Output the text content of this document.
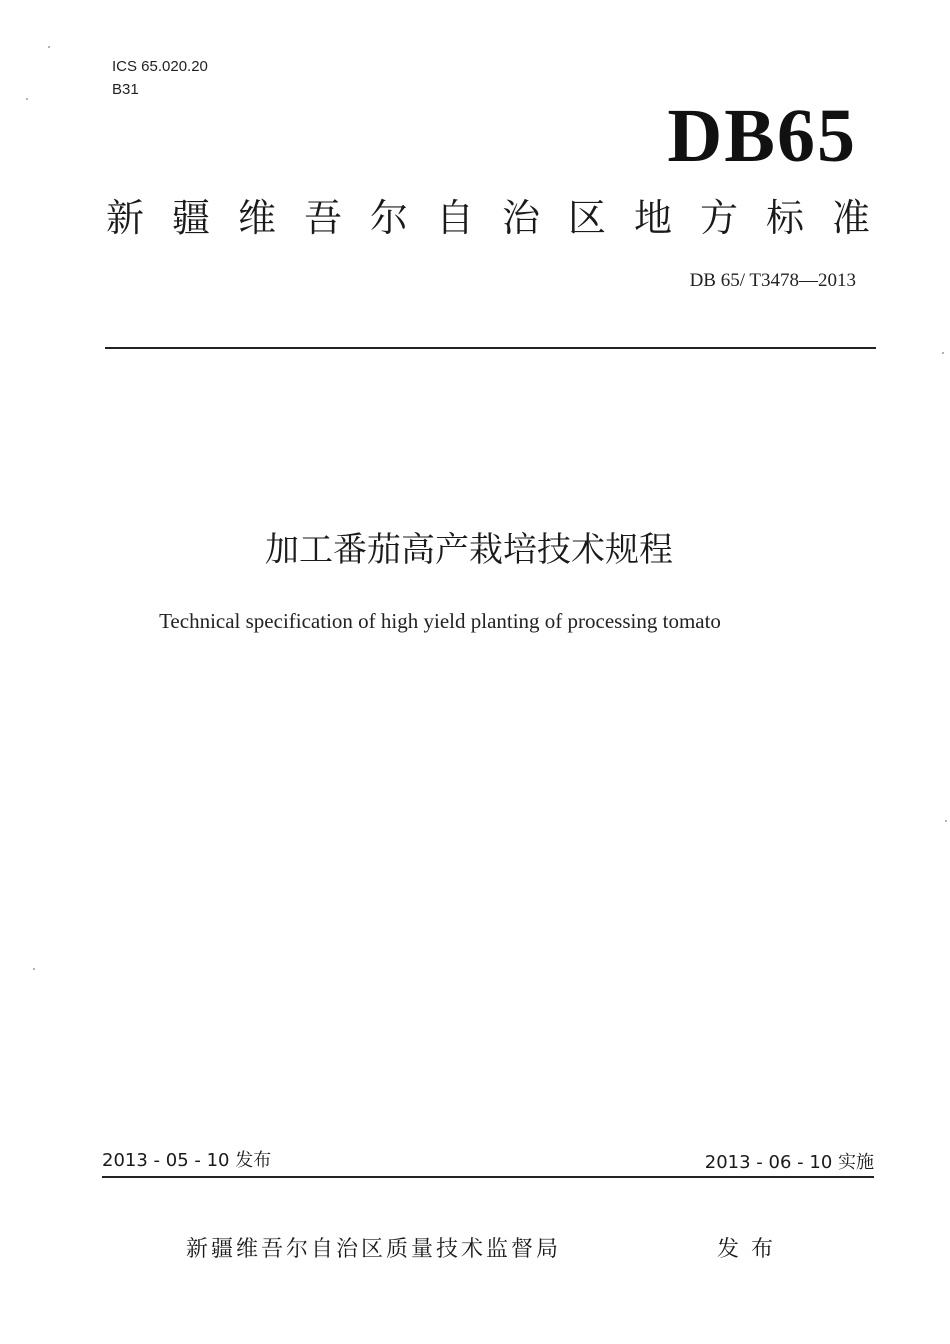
ICS 65.020.20
B31
DB65
新疆维吾尔自治区地方标准
DB 65/ T3478—2013
加工番茄高产栽培技术规程
Technical specification of high yield planting of processing tomato
2013 - 05 - 10 发布	2013 - 06 - 10 实施
新疆维吾尔自治区质量技术监督局	发布
